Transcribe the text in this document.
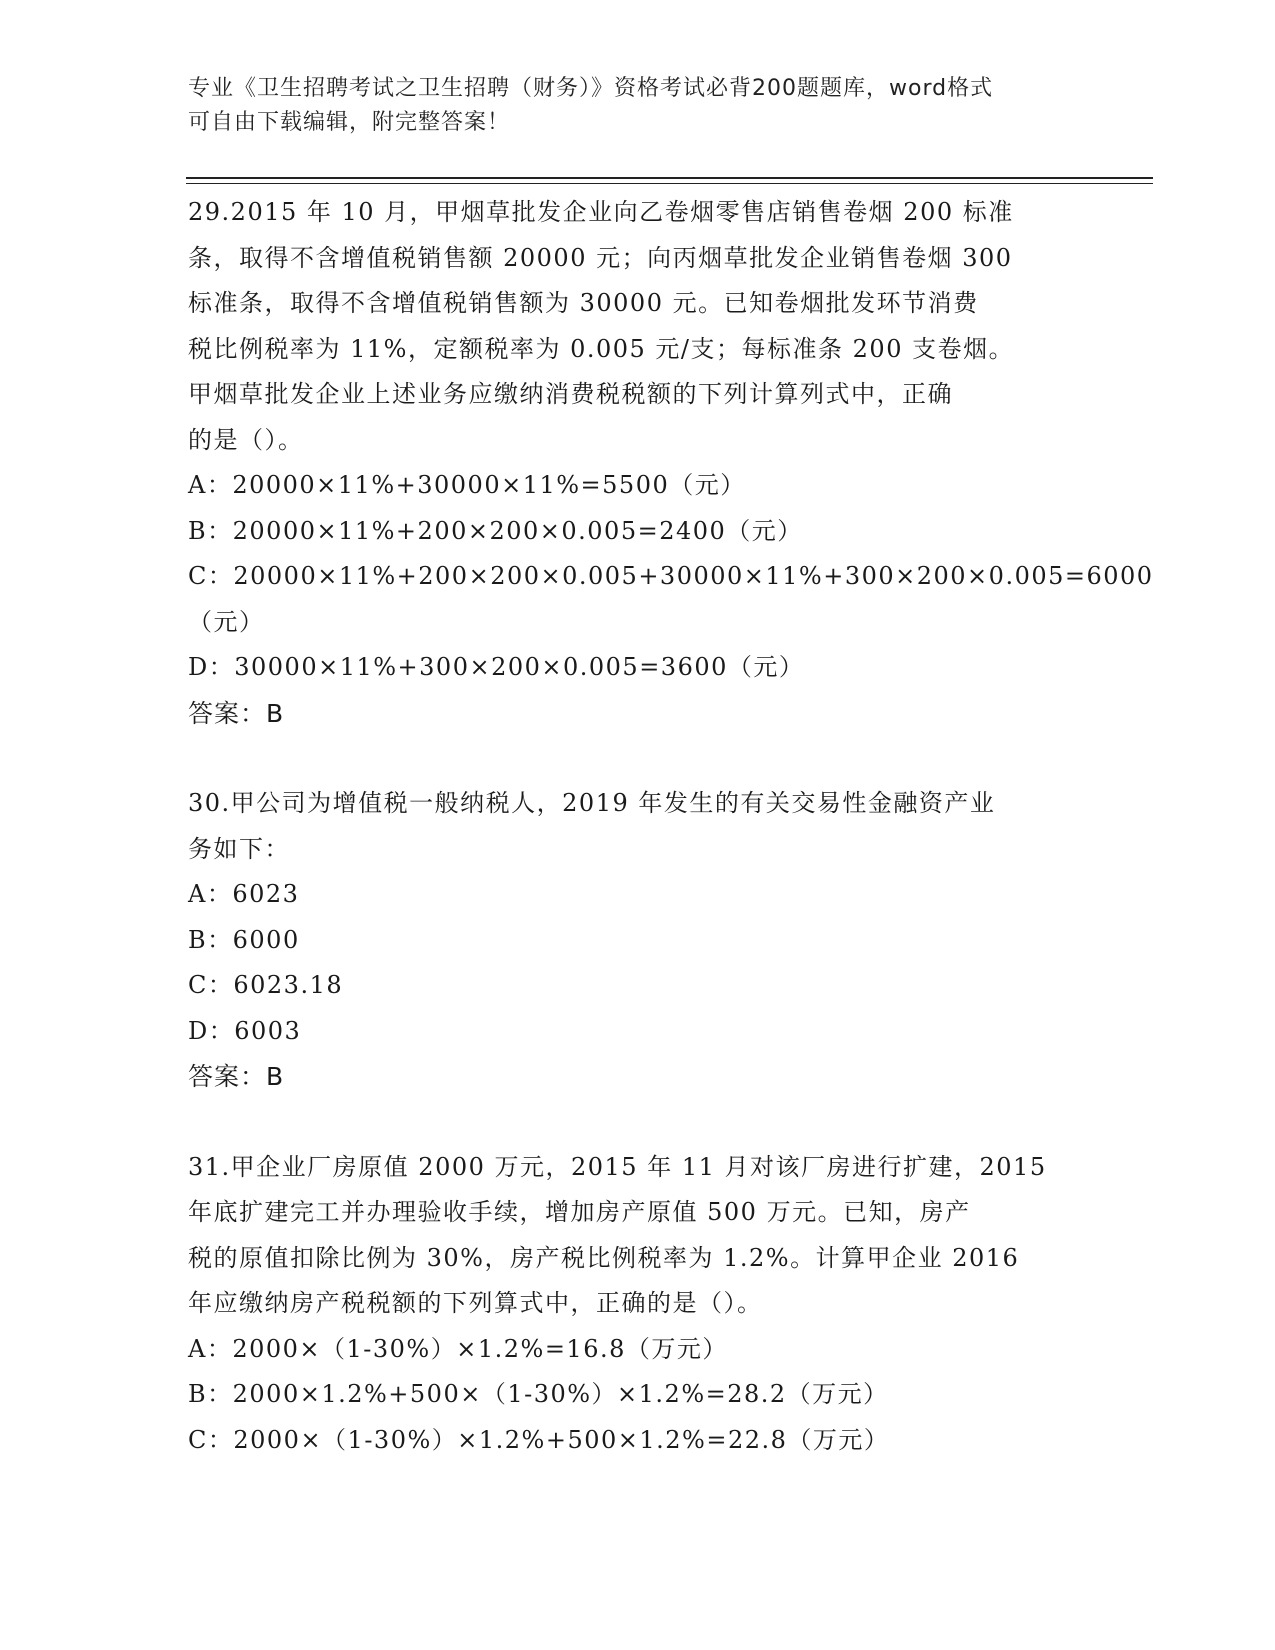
专业《卫生招聘考试之卫生招聘（财务）》资格考试必背200题题库，word格式
可自由下载编辑，附完整答案！
29.2015 年 10 月，甲烟草批发企业向乙卷烟零售店销售卷烟 200 标准
条，取得不含增值税销售额 20000 元；向丙烟草批发企业销售卷烟 300
标准条，取得不含增值税销售额为 30000 元。已知卷烟批发环节消费
税比例税率为 11%，定额税率为 0.005 元/支；每标准条 200 支卷烟。
甲烟草批发企业上述业务应缴纳消费税税额的下列计算列式中，正确
的是（）。
A：20000×11%+30000×11%=5500（元）
B：20000×11%+200×200×0.005=2400（元）
C：20000×11%+200×200×0.005+30000×11%+300×200×0.005=6000
（元）
D：30000×11%+300×200×0.005=3600（元）
答案：B
30.甲公司为增值税一般纳税人，2019 年发生的有关交易性金融资产业
务如下：
A：6023
B：6000
C：6023.18
D：6003
答案：B
31.甲企业厂房原值 2000 万元，2015 年 11 月对该厂房进行扩建，2015
年底扩建完工并办理验收手续，增加房产原值 500 万元。已知，房产
税的原值扣除比例为 30%，房产税比例税率为 1.2%。计算甲企业 2016
年应缴纳房产税税额的下列算式中，正确的是（）。
A：2000×（1-30%）×1.2%=16.8（万元）
B：2000×1.2%+500×（1-30%）×1.2%=28.2（万元）
C：2000×（1-30%）×1.2%+500×1.2%=22.8（万元）
